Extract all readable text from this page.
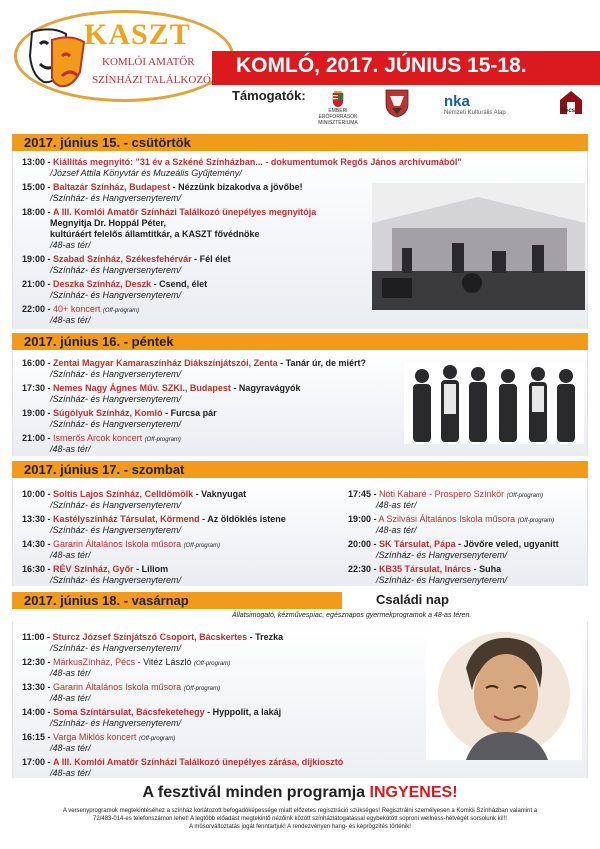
KASZT
KOMLÓI AMATŐR
SZÍNHÁZI TALÁLKOZÓ
KOMLÓ, 2017. JÚNIUS 15-18.
Támogatók:
EMBERI ERŐFORRÁSOK MINISZTÉRIUMA
nka
Nemzeti Kulturális Alap	Pécs
2017. június 15. - csütörtök
13:00 - Kiállítás megnyitó: "31 év a Szkéné Színházban... - dokumentumok Regős János archívumából"
/József Attila Könyvtár és Muzeális Gyűjtemény/
15:00 - Baltazár Színház, Budapest - Nézzünk bizakodva a jövőbe!
/Színház- és Hangversenyterem/
18:00 - A III. Komlói Amatőr Színházi Találkozó ünepélyes megnyitója
Megnyitja Dr. Hoppál Péter,
kultúráért felelős államtitkár, a KASZT fővédnöke
/48-as tér/
19:00 - Szabad Színház, Székesfehérvár - Fél élet
/Színház- és Hangversenyterem/
21:00 - Deszka Színház, Deszk - Csend, élet
/Színház- és Hangversenyterem/
22:00 - 40+ koncert (Off-program)
/48-as tér/
2017. június 16. - péntek
16:00 - Zentai Magyar Kamaraszínház Diákszínjátszói, Zenta - Tanár úr, de miért?
/Színház- és Hangversenyterem/
17:30 - Nemes Nagy Ágnes Műv. SZKI., Budapest - Nagyravágyók
/Színház- és Hangversenyterem/
19:00 - Súgólyuk Színház, Komló - Furcsa pár
/Színház- és Hangversenyterem/
21:00 - Ismerős Arcok koncert (Off-program)
/48-as tér/
2017. június 17. - szombat
10:00 - Soltis Lajos Színház, Celldömölk - Vaknyugat
/Színház- és Hangversenyterem/
13:30 - Kastélyszínház Társulat, Körmend - Az öldöklés istene
/Színház- és Hangversenyterem/
14:30 - Gararin Általános Iskola műsora (Off-program)
/48-as tér/
16:30 - RÉV Színház, Győr - Liliom
/Színház- és Hangversenyterem/
17:45 - Nóti Kabaré - Prospero Színkör (Off-program)
/48-as tér/
19:00 - A Szilvási Általános Iskola műsora (Off-program)
/48-as tér/
20:00 - SK Társulat, Pápa - Jövőre veled, ugyanitt
/Színház- és Hangversenyterem/
22:30 - KB35 Társulat, Inárcs - Suha
/Színház- és Hangversenyterem/
2017. június 18. - vasárnap	Családi nap
Állatsimogató, kézművespiac, egésznapos gyermekprogramok a 48-as téren.
11:00 - Sturcz József Színjátszó Csoport, Bácskertes - Trezka
/Színház- és Hangversenyterem/
12:30 - MárkusZínház, Pécs - Vitéz László (Off-program)
/48-as tér/
13:30 - Gararin Általános Iskola műsora (Off-program)
/48-as tér/
14:00 - Soma Színtársulat, Bácsfeketehegy - Hyppolit, a lakáj
/Színház- és Hangversenyterem/
16:15 - Varga Miklós koncert (Off-program)
/48-as tér/
17:00 - A III. Komlói Amatőr Színházi Találkozó ünepélyes zárása, díjkiosztó
/48-as tér/
A fesztivál minden programja INGYENES!
A versenyprogramok megtekintéséhez a színház korlátozott befogadóképessége miatt előzetes regisztráció szükséges! Regisztrálni személyesen a Komlói Színházban valamint a
72/483-014-es telefonszámon lehet! A legtöbb előadást megtekintő nézőink között színházlátogatással egybekötött soproni wellness-hétvégét sorsolunk ki!!!
A műsorváltoztatás jogát fenntartjuk! A rendezvényen hang- és képrögzítés történik!
